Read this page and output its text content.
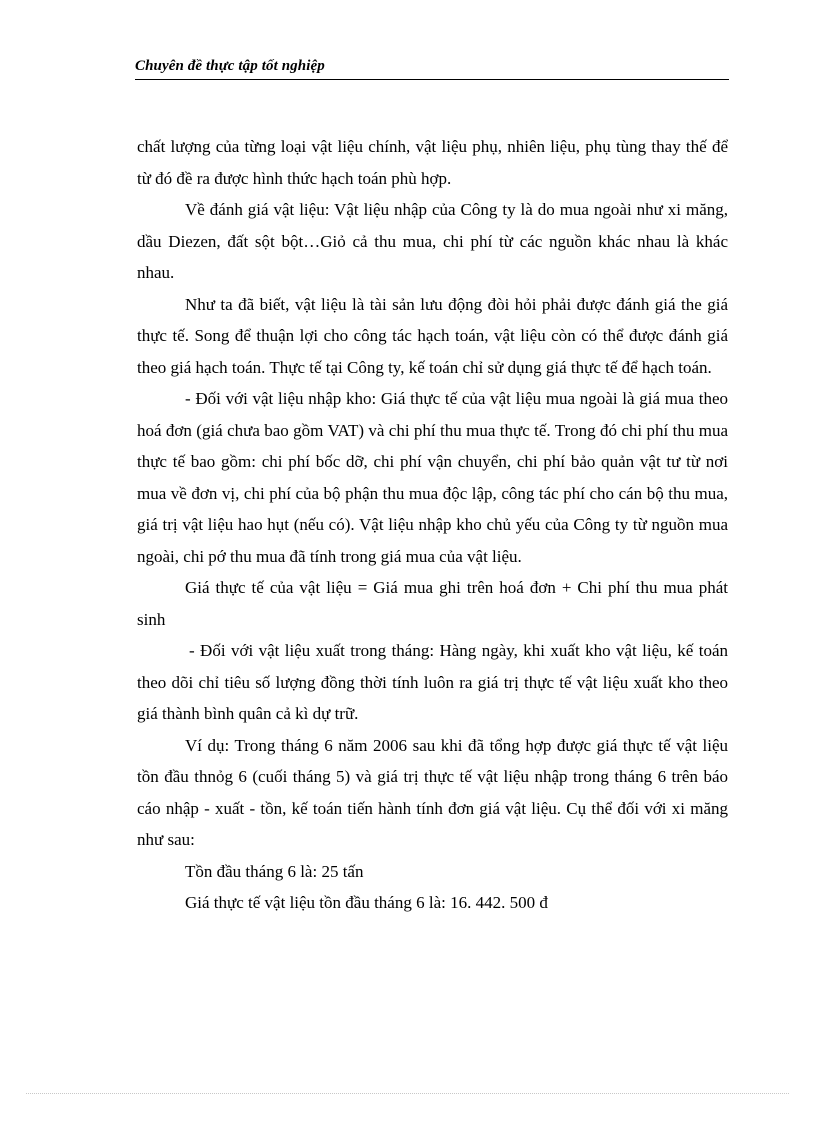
Chuyên đề thực tập tốt nghiệp

chất lượng của từng loại vật liệu chính, vật liệu phụ, nhiên liệu, phụ tùng thay thế để từ đó đề ra được hình thức hạch toán phù hợp.

Về đánh giá vật liệu: Vật liệu nhập của Công ty là do mua ngoài như xi măng, dầu Diezen, đất sột bột…Giỏ cả thu mua, chi phí từ các nguồn khác nhau là khác nhau.

Như ta đã biết, vật liệu là tài sản lưu động đòi hỏi phải được đánh giá the giá thực tế. Song để thuận lợi cho công tác hạch toán, vật liệu còn có thể được đánh giá theo giá hạch toán. Thực tế tại Công ty, kế toán chỉ sử dụng giá thực tế để hạch toán.

- Đối với vật liệu nhập kho: Giá thực tế của vật liệu mua ngoài là giá mua theo hoá đơn (giá chưa bao gồm VAT) và chi phí thu mua thực tế. Trong đó chi phí thu mua thực tế bao gồm: chi phí bốc dỡ, chi phí vận chuyển, chi phí bảo quản vật tư từ nơi mua về đơn vị, chi phí của bộ phận thu mua độc lập, công tác phí cho cán bộ thu mua, giá trị vật liệu hao hụt (nếu có). Vật liệu nhập kho chủ yếu của Công ty từ nguồn mua ngoài, chi pớ thu mua đã tính trong giá mua của vật liệu.

Giá thực tế của vật liệu = Giá mua ghi trên hoá đơn + Chi phí thu mua phát sinh

- Đối với vật liệu xuất trong tháng: Hàng ngày, khi xuất kho vật liệu, kế toán theo dõi chỉ tiêu số lượng đồng thời tính luôn ra giá trị thực tế vật liệu xuất kho theo giá thành bình quân cả kì dự trữ.

Ví dụ: Trong tháng 6 năm 2006 sau khi đã tổng hợp được giá thực tế vật liệu tồn đầu thnỏg 6 (cuối tháng 5) và giá trị thực tế vật liệu nhập trong tháng 6 trên báo cáo nhập - xuất - tồn, kế toán tiến hành tính đơn giá vật liệu. Cụ thể đối với xi măng như sau:

Tồn đầu tháng 6 là: 25 tấn

Giá thực tế vật liệu tồn đầu tháng 6 là: 16. 442. 500 đ
